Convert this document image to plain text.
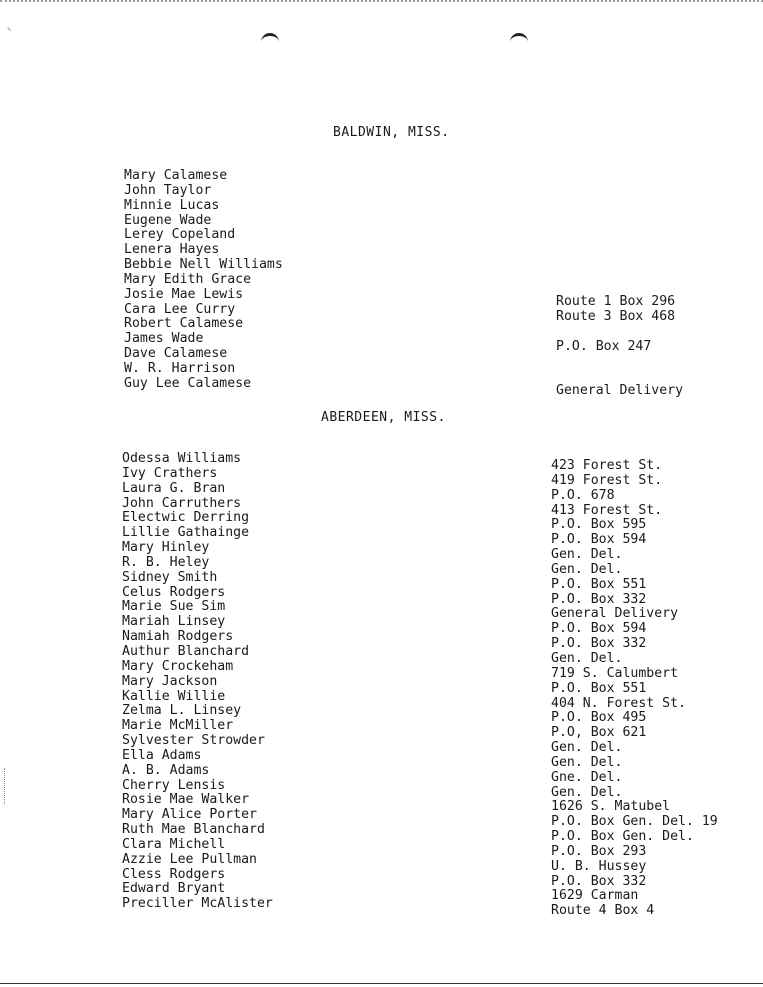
◟
BALDWIN, MISS.
Mary Calamese
John Taylor
Minnie Lucas
Eugene Wade
Lerey Copeland
Lenera Hayes
Bebbie Nell Williams
Mary Edith Grace
Josie Mae Lewis
Cara Lee Curry
Robert Calamese
James Wade
Dave Calamese
W. R. Harrison
Guy Lee Calamese
Route 1 Box 296
Route 3 Box 468
P.O. Box 247
General Delivery
ABERDEEN, MISS.
Odessa Williams
Ivy Crathers
Laura G. Bran
John Carruthers
Electwic Derring
Lillie Gathainge
Mary Hinley
R. B. Heley
Sidney Smith
Celus Rodgers
Marie Sue Sim
Mariah Linsey
Namiah Rodgers
Authur Blanchard
Mary Crockeham
Mary Jackson
Kallie Willie
Zelma L. Linsey
Marie McMiller
Sylvester Strowder
Ella Adams
A. B. Adams
Cherry Lensis
Rosie Mae Walker
Mary Alice Porter
Ruth Mae Blanchard
Clara Michell
Azzie Lee Pullman
Cless Rodgers
Edward Bryant
Preciller McAlister
423 Forest St.
419 Forest St.
P.O. 678
413 Forest St.
P.O. Box 595
P.O. Box 594
Gen. Del.
Gen. Del.
P.O. Box 551
P.O. Box 332
General Delivery
P.O. Box 594
P.O. Box 332
Gen. Del.
719 S. Calumbert
P.O. Box 551
404 N. Forest St.
P.O. Box 495
P.O, Box 621
Gen. Del.
Gen. Del.
Gne. Del.
Gen. Del.
1626 S. Matubel
P.O. Box Gen. Del. 19
P.O. Box Gen. Del.
P.O. Box 293
U. B. Hussey
P.O. Box 332
1629 Carman
Route 4 Box 4
